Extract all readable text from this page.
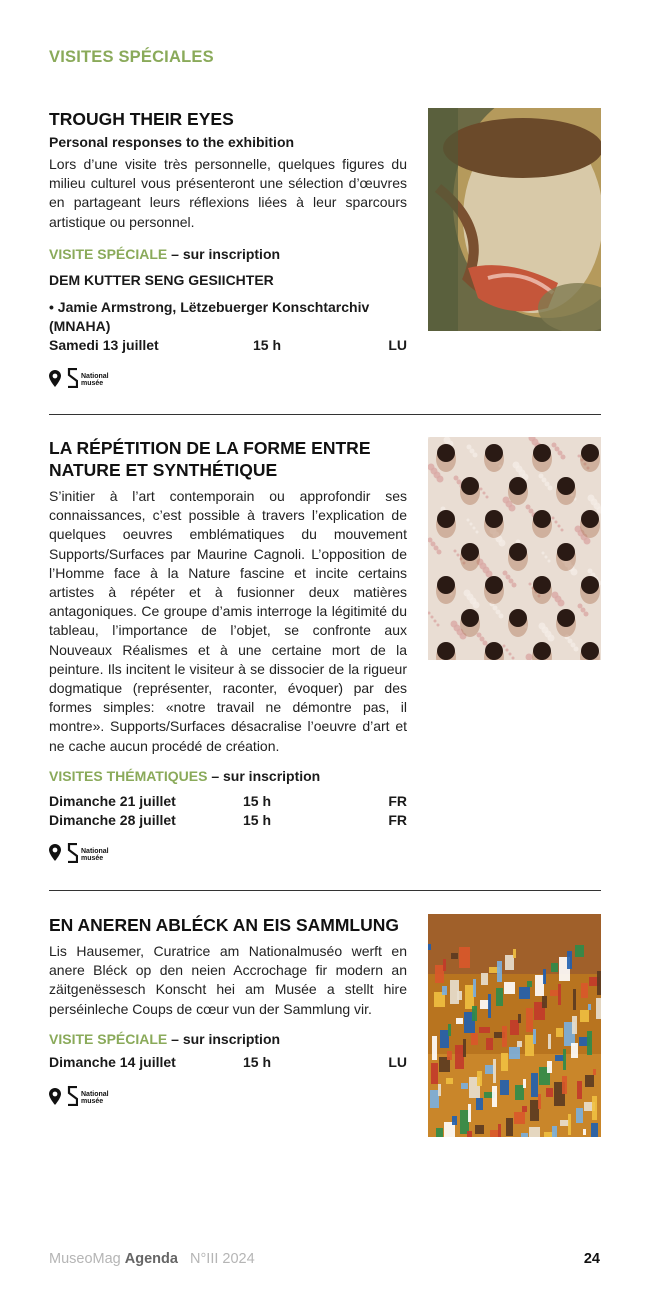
VISITES SPÉCIALES
TROUGH THEIR EYES
Personal responses to the exhibition
Lors d’une visite très personnelle, quelques figures du milieu culturel vous présenteront une sélection d’œuvres en partageant leurs réflexions liées à leur sparcours artistique ou personnel.
VISITE SPÉCIALE – sur inscription
DEM KUTTER SENG GESIICHTER
• Jamie Armstrong, Lëtzebuerger Konschtarchiv (MNAHA)
Samedi 13 juillet	15 h	LU

National
musée
LA RÉPÉTITION DE LA FORME ENTRE NATURE ET SYNTHÉTIQUE
S’initier à l’art contemporain ou approfondir ses connaissances, c’est possible à travers l’explication de quelques oeuvres emblématiques du mouvement Supports/Surfaces par Maurine Cagnoli. L’opposition de l’Homme face à la Nature fascine et incite certains artistes à répéter et à fusionner deux matières antagoniques. Ce groupe d’amis interroge la légitimité du tableau, l’importance de l’objet, se confronte aux Nouveaux Réalismes et à une certaine mort de la peinture. Ils incitent le visiteur à se dissocier de la rigueur dogmatique (représenter, raconter, évoquer) par des formes simples: «notre travail ne démontre pas, il montre». Supports/Surfaces désacralise l’oeuvre d’art et ne cache aucun procédé de création.
VISITES THÉMATIQUES – sur inscription
Dimanche 21 juillet	15 h	FR
Dimanche 28 juillet	15 h	FR

National
musée
EN ANEREN ABLÉCK AN EIS SAMMLUNG
Lis Hausemer, Curatrice am Nationalmuséo werft en anere Bléck op den neien Accrochage fir modern an zäitgenëssesch Konscht hei am Musée a stellt hire perséinleche Coups de cœur vun der Sammlung vir.
VISITE SPÉCIALE – sur inscription
Dimanche 14 juillet	15 h	LU

National
musée
MuseoMag Agenda N°III 2024	24
